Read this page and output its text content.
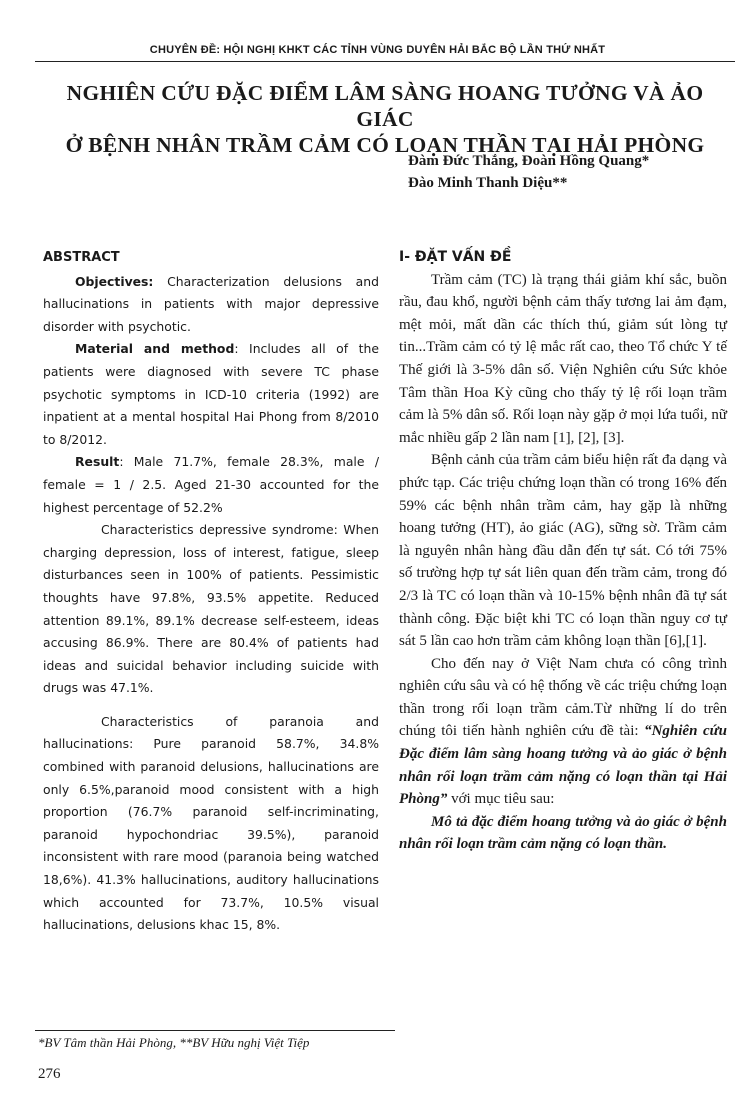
CHUYÊN ĐỀ: HỘI NGHỊ KHKT CÁC TỈNH VÙNG DUYÊN HẢI BẮC BỘ LẦN THỨ NHẤT
NGHIÊN CỨU ĐẶC ĐIỂM LÂM SÀNG HOANG TƯỞNG VÀ ẢO GIÁC
Ở BỆNH NHÂN TRẦM CẢM CÓ LOẠN THẦN TẠI HẢI PHÒNG
Đàm Đức Thắng, Đoàn Hồng Quang*
Đào Minh Thanh Diệu**

ABSTRACT

Objectives: Characterization delusions and hallucinations in patients with major depressive disorder with psychotic.

Material and method: Includes all of the patients were diagnosed with severe TC phase psychotic symptoms in ICD-10 criteria (1992) are inpatient at a mental hospital Hai Phong from 8/2010 to 8/2012.

Result: Male 71.7%, female 28.3%, male / female = 1 / 2.5. Aged 21-30 accounted for the highest percentage of 52.2%

Characteristics depressive syndrome: When charging depression, loss of interest, fatigue, sleep disturbances seen in 100% of patients. Pessimistic thoughts have 97.8%, 93.5% appetite. Reduced attention 89.1%, 89.1% decrease self-esteem, ideas accusing 86.9%. There are 80.4% of patients had ideas and suicidal behavior including suicide with drugs was 47.1%.

Characteristics of paranoia and hallucinations: Pure paranoid 58.7%, 34.8% combined with paranoid delusions, hallucinations are only 6.5%,paranoid mood consistent with a high proportion (76.7% paranoid self-incriminating, paranoid hypochondriac 39.5%), paranoid inconsistent with rare mood (paranoia being watched 18,6%). 41.3% hallucinations, auditory hallucinations which accounted for 73.7%, 10.5% visual hallucinations, delusions khac 15, 8%.

I- ĐẶT VẤN ĐỀ

Trầm cảm (TC) là trạng thái giảm khí sắc, buồn rầu, đau khổ, người bệnh cảm thấy tương lai ảm đạm, mệt mỏi, mất dần các thích thú, giảm sút lòng tự tin...Trầm cảm có tỷ lệ mắc rất cao, theo Tổ chức Y tế Thế giới là 3-5% dân số. Viện Nghiên cứu Sức khỏe Tâm thần Hoa Kỳ cũng cho thấy tỷ lệ rối loạn trầm cảm là 5% dân số. Rối loạn này gặp ở mọi lứa tuổi, nữ mắc nhiều gấp 2 lần nam [1], [2], [3].

Bệnh cảnh của trầm cảm biểu hiện rất đa dạng và phức tạp. Các triệu chứng loạn thần có trong 16% đến 59% các bệnh nhân trầm cảm, hay gặp là những hoang tưởng (HT), ảo giác (AG), sững sờ. Trầm cảm là nguyên nhân hàng đầu dẫn đến tự sát. Có tới 75% số trường hợp tự sát liên quan đến trầm cảm, trong đó 2/3 là TC có loạn thần và 10-15% bệnh nhân đã tự sát thành công. Đặc biệt khi TC có loạn thần nguy cơ tự sát 5 lần cao hơn trầm cảm không loạn thần [6],[1].

Cho đến nay ở Việt Nam chưa có công trình nghiên cứu sâu và có hệ thống về các triệu chứng loạn thần trong rối loạn trầm cảm.Từ những lí do trên chúng tôi tiến hành nghiên cứu đề tài: “Nghiên cứu Đặc điểm lâm sàng hoang tưởng và ảo giác ở bệnh nhân rối loạn trầm cảm nặng có loạn thần tại Hải Phòng” với mục tiêu sau:

Mô tả đặc điểm hoang tưởng và ảo giác ở bệnh nhân rối loạn trầm cảm nặng có loạn thần.

*BV Tâm thần Hải Phòng, **BV Hữu nghị Việt Tiệp
276
